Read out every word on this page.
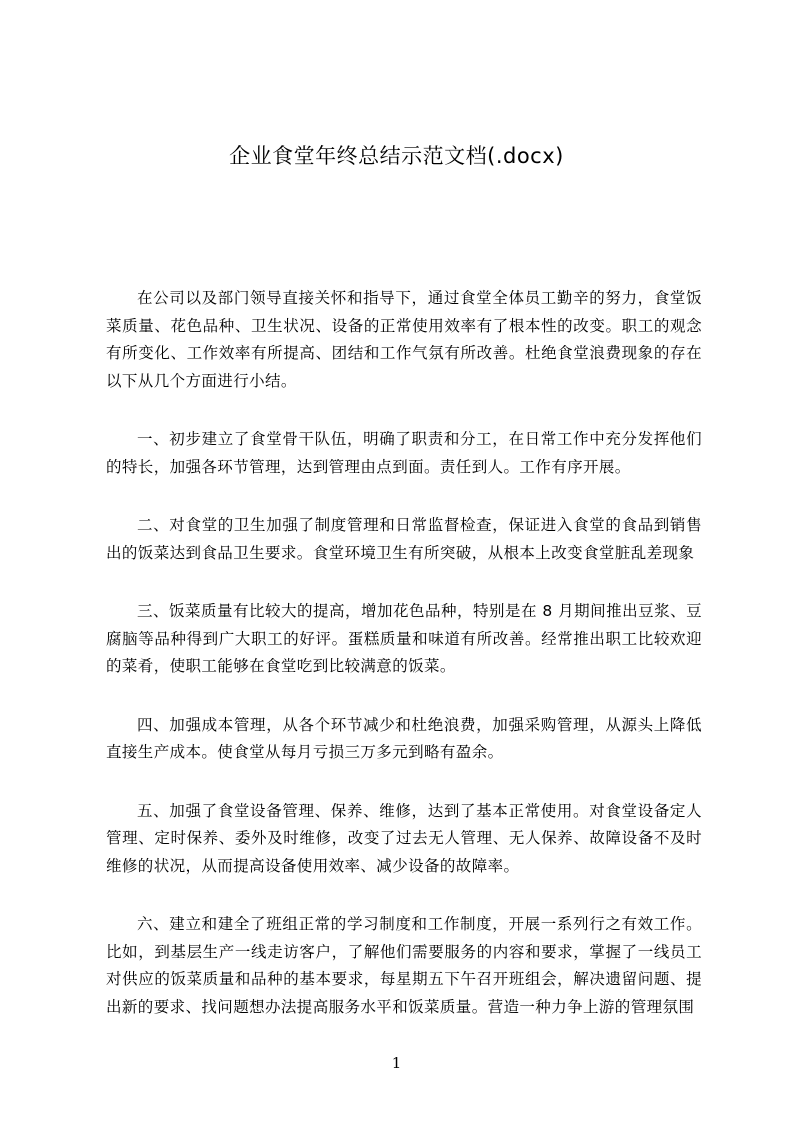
企业食堂年终总结示范文档(.docx)

在公司以及部门领导直接关怀和指导下，通过食堂全体员工勤辛的努力，食堂饭菜质量、花色品种、卫生状况、设备的正常使用效率有了根本性的改变。职工的观念有所变化、工作效率有所提高、团结和工作气氛有所改善。杜绝食堂浪费现象的存在以下从几个方面进行小结。

一、初步建立了食堂骨干队伍，明确了职责和分工，在日常工作中充分发挥他们的特长，加强各环节管理，达到管理由点到面。责任到人。工作有序开展。

二、对食堂的卫生加强了制度管理和日常监督检查，保证进入食堂的食品到销售出的饭菜达到食品卫生要求。食堂环境卫生有所突破，从根本上改变食堂脏乱差现象

三、饭菜质量有比较大的提高，增加花色品种，特别是在 8 月期间推出豆浆、豆腐脑等品种得到广大职工的好评。蛋糕质量和味道有所改善。经常推出职工比较欢迎的菜肴，使职工能够在食堂吃到比较满意的饭菜。

四、加强成本管理，从各个环节减少和杜绝浪费，加强采购管理，从源头上降低直接生产成本。使食堂从每月亏损三万多元到略有盈余。

五、加强了食堂设备管理、保养、维修，达到了基本正常使用。对食堂设备定人管理、定时保养、委外及时维修，改变了过去无人管理、无人保养、故障设备不及时维修的状况，从而提高设备使用效率、减少设备的故障率。

六、建立和建全了班组正常的学习制度和工作制度，开展一系列行之有效工作。比如，到基层生产一线走访客户，了解他们需要服务的内容和要求，掌握了一线员工对供应的饭菜质量和品种的基本要求，每星期五下午召开班组会，解决遗留问题、提出新的要求、找问题想办法提高服务水平和饭菜质量。营造一种力争上游的管理氛围

1
